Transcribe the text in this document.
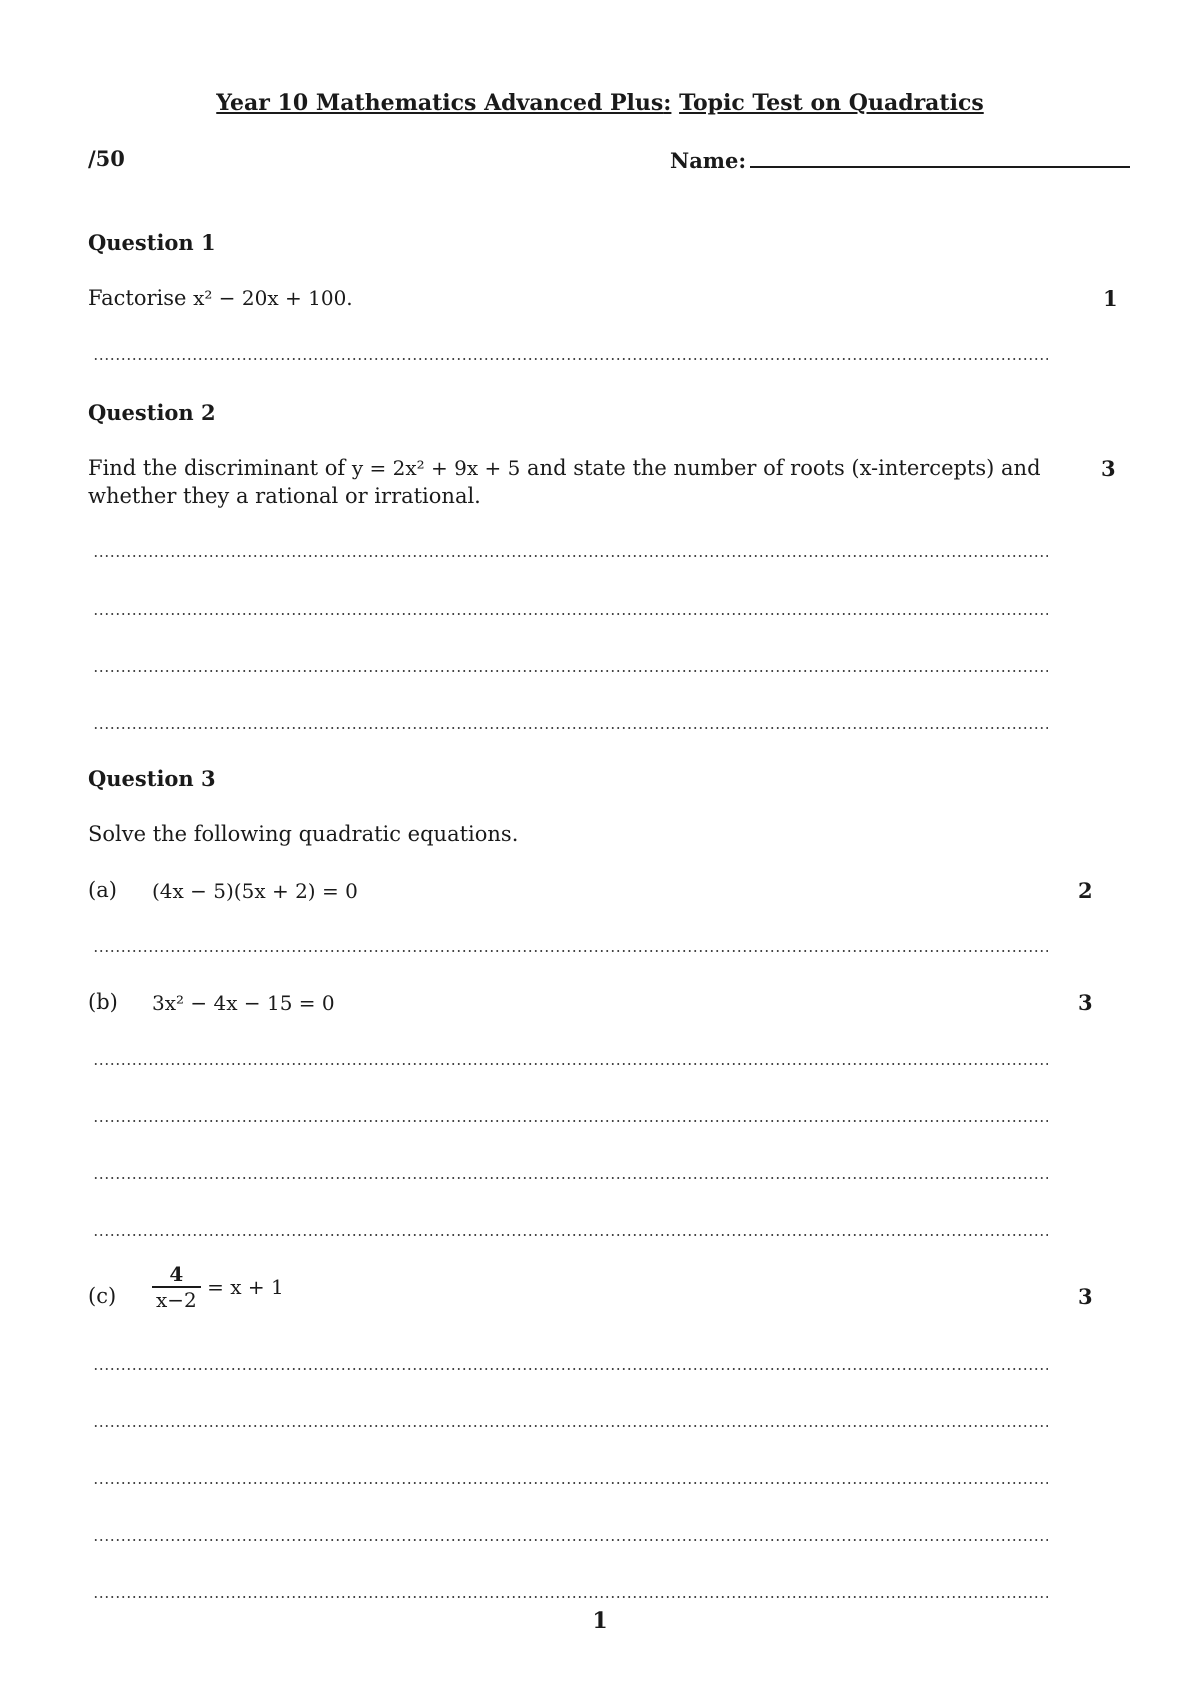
Year 10 Mathematics Advanced Plus: Topic Test on Quadratics
/50	Name:
Question 1
Factorise x² − 20x + 100.	1
Question 2
Find the discriminant of y = 2x² + 9x + 5 and state the number of roots (x-intercepts) and
whether they a rational or irrational.
3
Question 3
Solve the following quadratic equations.
(a) (4x − 5)(5x + 2) = 0	2
(b) 3x² − 4x − 15 = 0	3
$(c) \frac{4}{x-2} = x + 1$	3
1
